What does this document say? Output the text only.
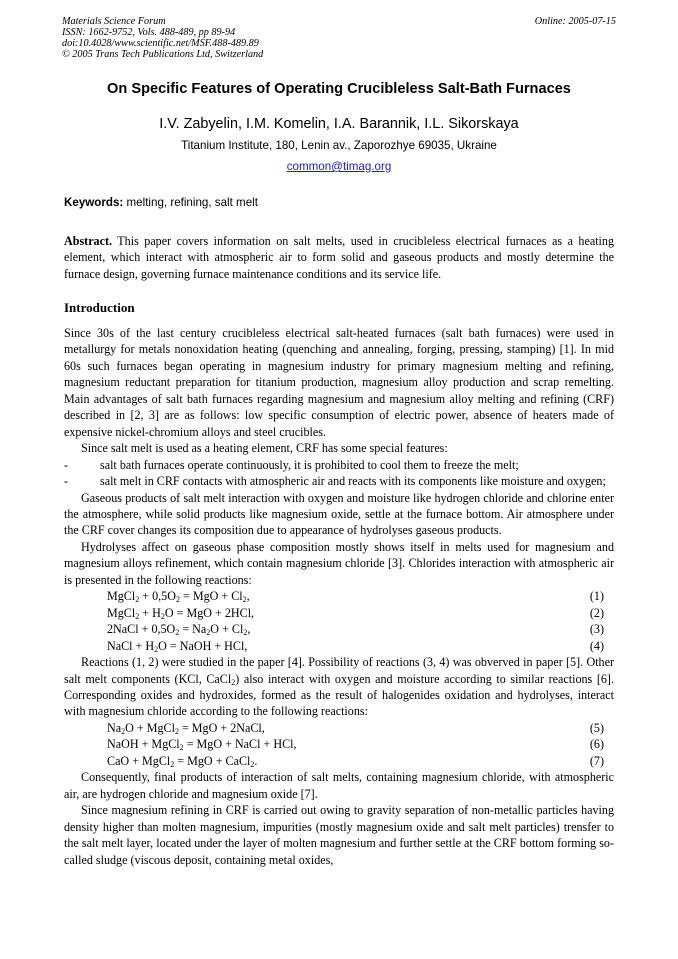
Materials Science Forum
ISSN: 1662-9752, Vols. 488-489, pp 89-94
doi:10.4028/www.scientific.net/MSF.488-489.89
© 2005 Trans Tech Publications Ltd, Switzerland
Online: 2005-07-15
On Specific Features of Operating Crucibleless Salt-Bath Furnaces
I.V. Zabyelin, I.M. Komelin, I.A. Barannik, I.L. Sikorskaya
Titanium Institute, 180, Lenin av., Zaporozhye 69035, Ukraine
common@timag.org
Keywords: melting, refining, salt melt
Abstract. This paper covers information on salt melts, used in crucibleless electrical furnaces as a heating element, which interact with atmospheric air to form solid and gaseous products and mostly determine the furnace design, governing furnace maintenance conditions and its service life.
Introduction

Since 30s of the last century crucibleless electrical salt-heated furnaces (salt bath furnaces) were used in metallurgy for metals nonoxidation heating (quenching and annealing, forging, pressing, stamping) [1]. In mid 60s such furnaces began operating in magnesium industry for primary magnesium melting and refining, magnesium reductant preparation for titanium production, magnesium alloy production and scrap remelting. Main advantages of salt bath furnaces regarding magnesium and magnesium alloy melting and refining (CRF) described in [2, 3] are as follows: low specific consumption of electric power, absence of heaters made of expensive nickel-chromium alloys and steel crucibles.

Since salt melt is used as a heating element, CRF has some special features:

-	salt bath furnaces operate continuously, it is prohibited to cool them to freeze the melt;

-	salt melt in CRF contacts with atmospheric air and reacts with its components like moisture and oxygen;

Gaseous products of salt melt interaction with oxygen and moisture like hydrogen chloride and chlorine enter the atmosphere, while solid products like magnesium oxide, settle at the furnace bottom. Air atmosphere under the CRF cover changes its composition due to appearance of hydrolyses gaseous products.

Hydrolyses affect on gaseous phase composition mostly shows itself in melts used for magnesium and magnesium alloys refinement, which contain magnesium chloride [3]. Chlorides interaction with atmospheric air is presented in the following reactions:

MgCl$_2$ + $0,5O_2$ = MgO + $Cl_2$,	(1)

MgCl$_2$ + $H_2O$ = MgO + 2HCl,	(2)

2NaCl + $0,5O_2 = Na_2O + Cl_2$,	(3)

NaCl + $H_2O$ = NaOH + HCl,	(4)

Reactions (1, 2) were studied in the paper [4]. Possibility of reactions (3, 4) was obverved in paper [5]. Other salt melt components (KCl, CaCl$_2$) also interact with oxygen and moisture according to similar reactions [6]. Corresponding oxides and hydroxides, formed as the result of halogenides oxidation and hydrolyses, interact with magnesium chloride according to the following reactions:

$Na_2O$ + MgCl$_2$ = MgO + 2NaCl,	(5)

NaOH + MgCl$_2$ = MgO + NaCl + HCl,	(6)

CaO + MgCl$_2$ = MgO + CaCl$_2$.	(7)

Consequently, final products of interaction of salt melts, containing magnesium chloride, with atmospheric air, are hydrogen chloride and magnesium oxide [7].

Since magnesium refining in CRF is carried out owing to gravity separation of non-metallic particles having density higher than molten magnesium, impurities (mostly magnesium oxide and salt melt particles) trensfer to the salt melt layer, located under the layer of molten magnesium and further settle at the CRF bottom forming so-called sludge (viscous deposit, containing metal oxides,
